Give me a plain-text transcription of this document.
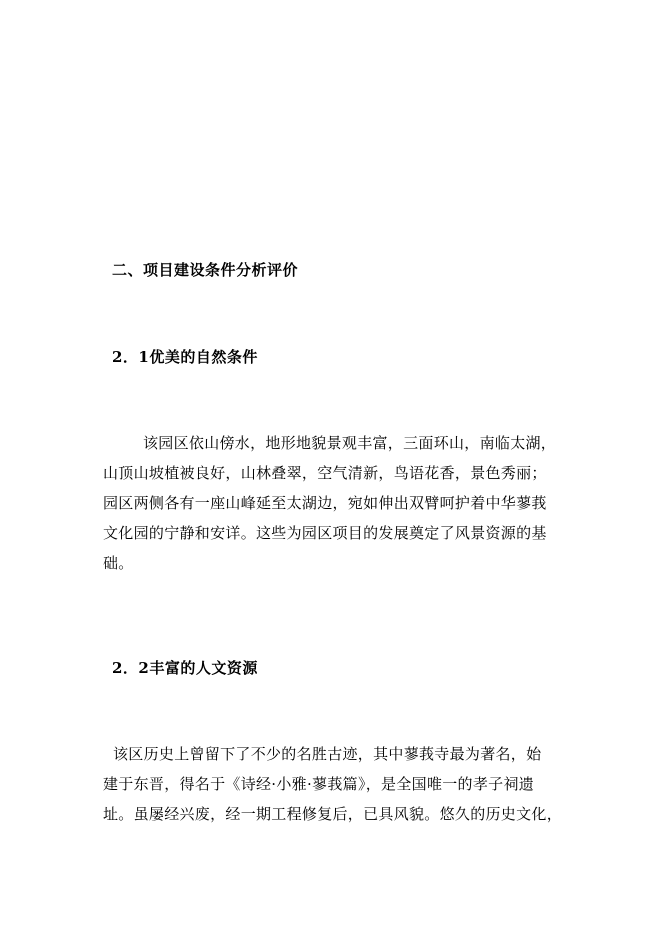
二、项目建设条件分析评价
2．1优美的自然条件
该园区依山傍水，地形地貌景观丰富，三面环山，南临太湖，
山顶山坡植被良好，山林叠翠，空气清新，鸟语花香，景色秀丽；
园区两侧各有一座山峰延至太湖边，宛如伸出双臂呵护着中华蓼莪
文化园的宁静和安详。这些为园区项目的发展奠定了风景资源的基
础。
2．2丰富的人文资源
该区历史上曾留下了不少的名胜古迹，其中蓼莪寺最为著名，始
建于东晋，得名于《诗经·小雅·蓼莪篇》，是全国唯一的孝子祠遗
址。虽屡经兴废，经一期工程修复后，已具风貌。悠久的历史文化，
